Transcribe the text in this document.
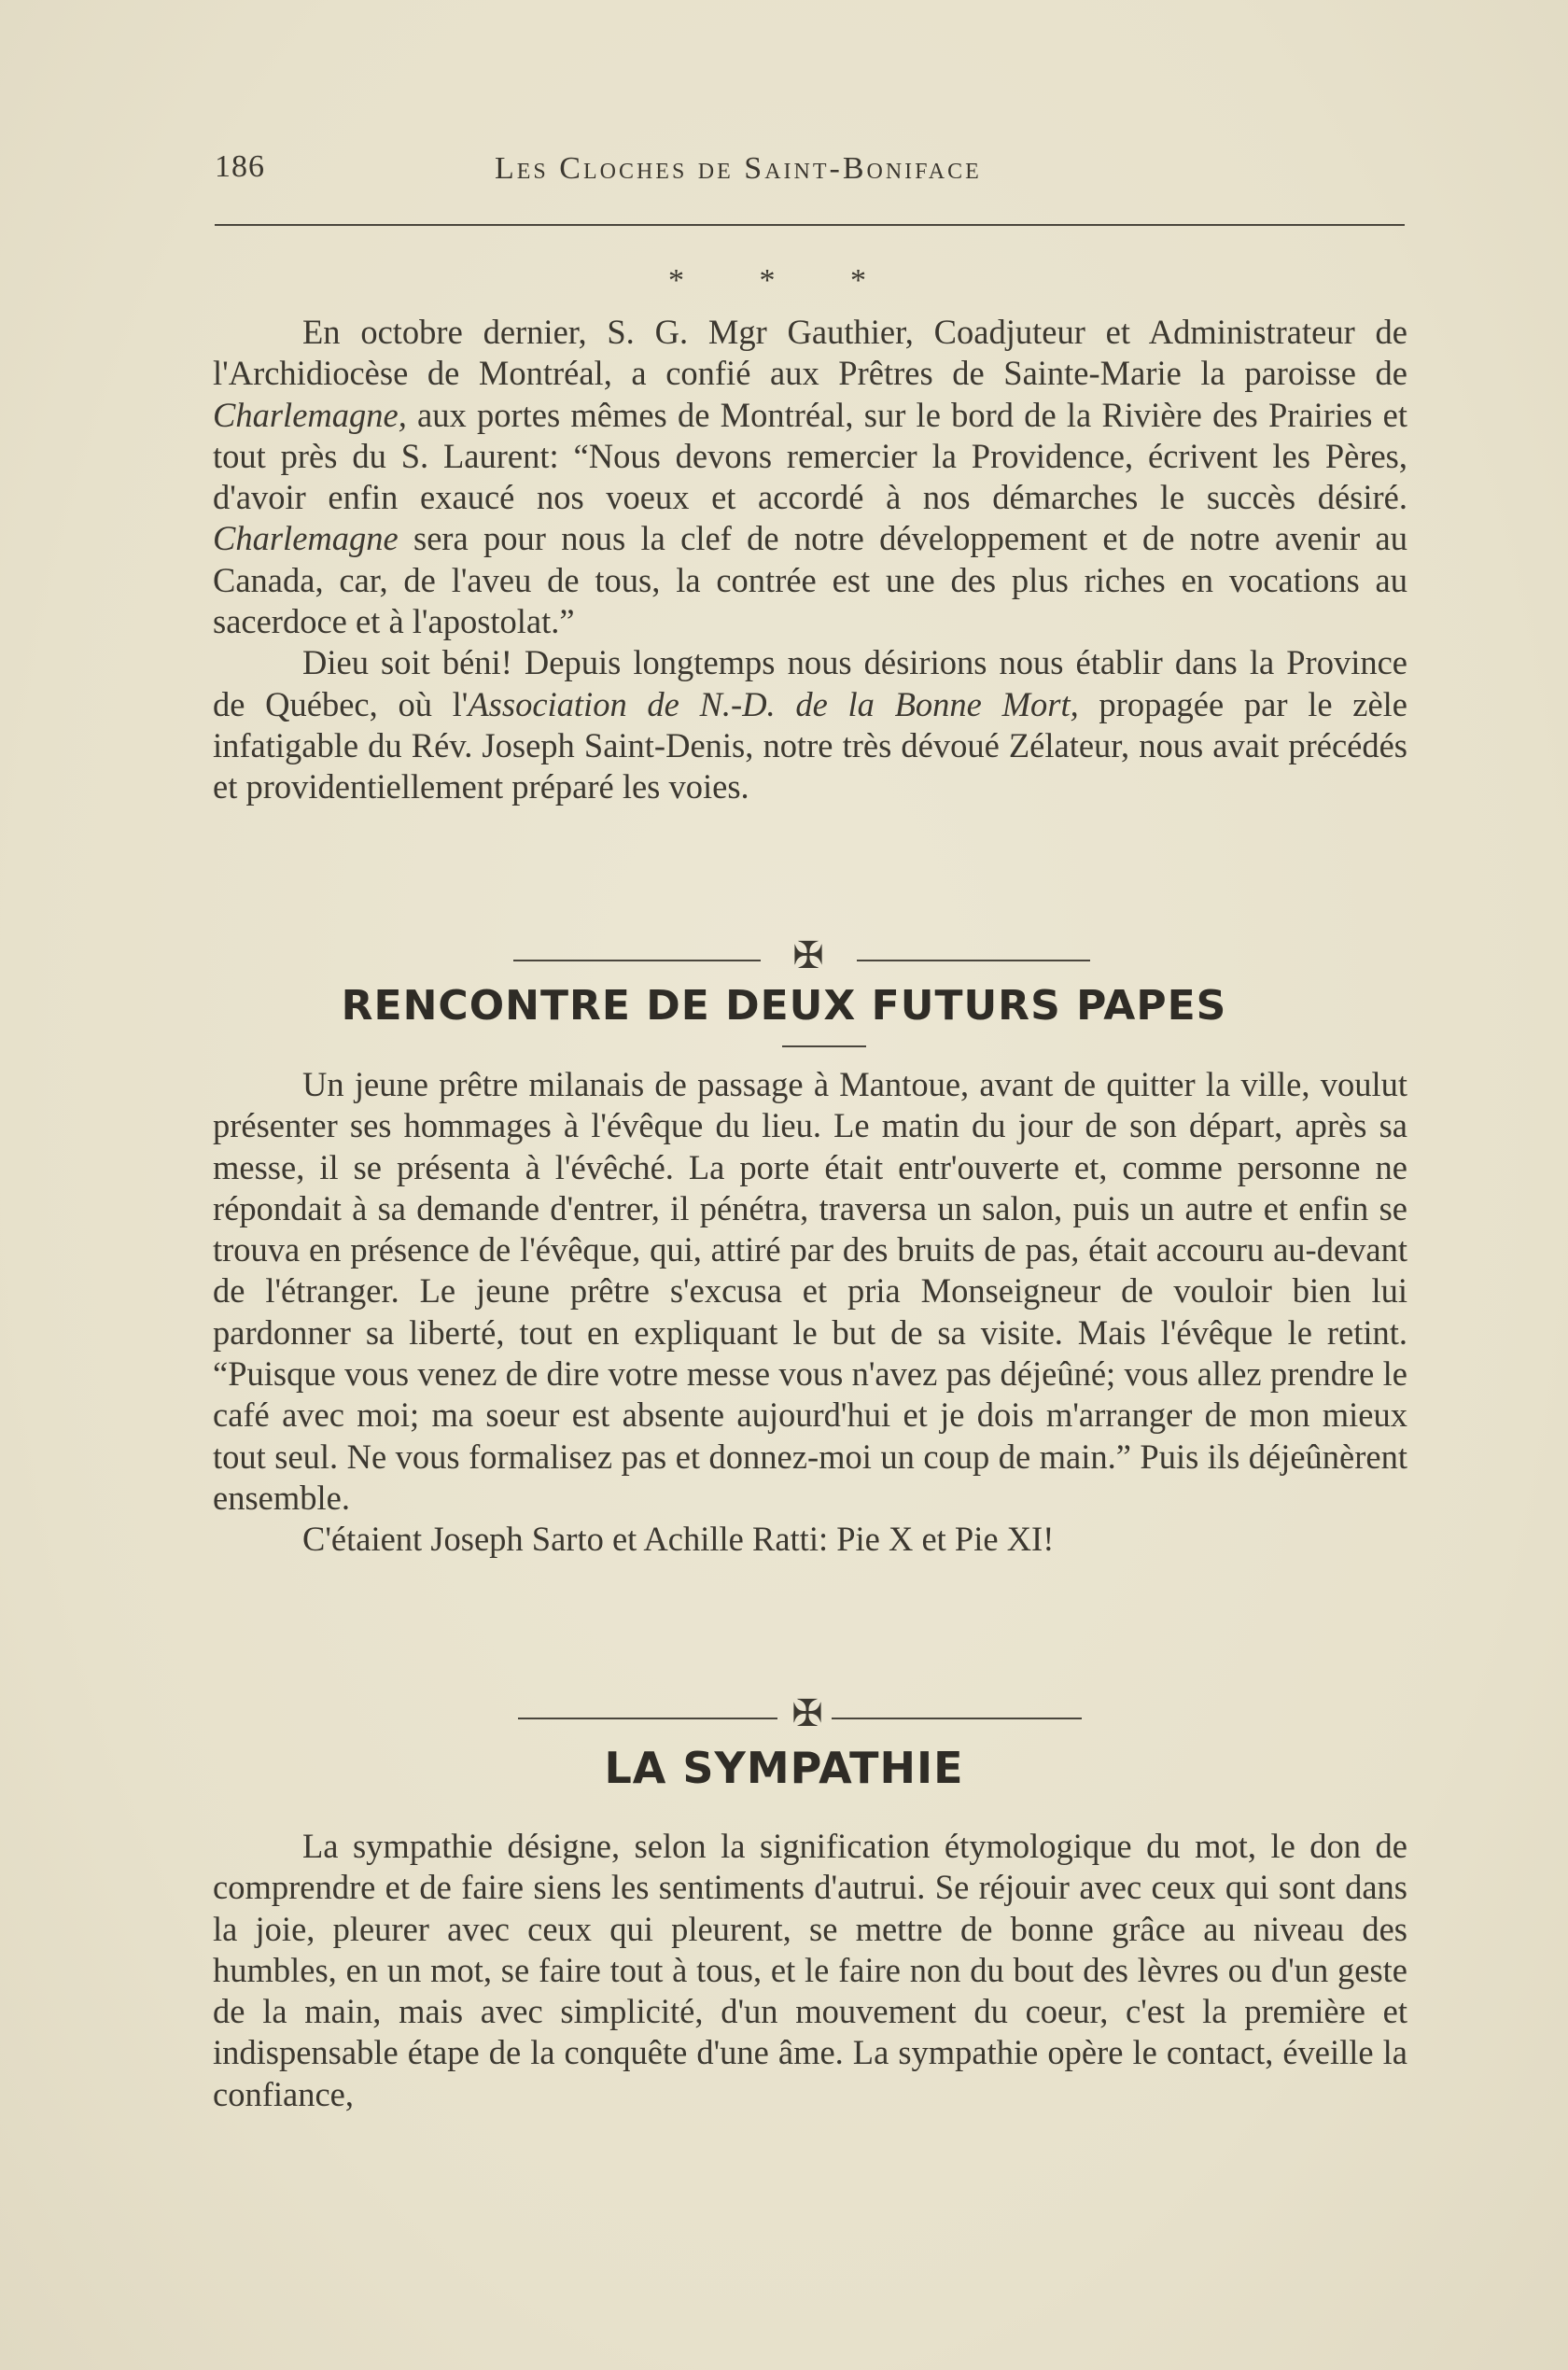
186	Les Cloches de Saint-Boniface
* * *

En octobre dernier, S. G. Mgr Gauthier, Coadjuteur et Administrateur de l'Archidiocèse de Montréal, a confié aux Prêtres de Sainte-Marie la paroisse de Charlemagne, aux portes mêmes de Montréal, sur le bord de la Rivière des Prairies et tout près du S. Laurent: “Nous devons remercier la Providence, écrivent les Pères, d'avoir enfin exaucé nos voeux et accordé à nos démarches le succès désiré. Charlemagne sera pour nous la clef de notre développement et de notre avenir au Canada, car, de l'aveu de tous, la contrée est une des plus riches en vocations au sacerdoce et à l'apostolat.”

Dieu soit béni! Depuis longtemps nous désirions nous établir dans la Province de Québec, où l'Association de N.-D. de la Bonne Mort, propagée par le zèle infatigable du Rév. Joseph Saint-Denis, notre très dévoué Zélateur, nous avait précédés et providentiellement préparé les voies.

✠
RENCONTRE DE DEUX FUTURS PAPES

Un jeune prêtre milanais de passage à Mantoue, avant de quitter la ville, voulut présenter ses hommages à l'évêque du lieu. Le matin du jour de son départ, après sa messe, il se présenta à l'évêché. La porte était entr'ouverte et, comme personne ne répondait à sa demande d'entrer, il pénétra, traversa un salon, puis un autre et enfin se trouva en présence de l'évêque, qui, attiré par des bruits de pas, était accouru au-devant de l'étranger. Le jeune prêtre s'excusa et pria Monseigneur de vouloir bien lui pardonner sa liberté, tout en expliquant le but de sa visite. Mais l'évêque le retint. “Puisque vous venez de dire votre messe vous n'avez pas déjeûné; vous allez prendre le café avec moi; ma soeur est absente aujourd'hui et je dois m'arranger de mon mieux tout seul. Ne vous formalisez pas et donnez-moi un coup de main.” Puis ils déjeûnèrent ensemble.

C'étaient Joseph Sarto et Achille Ratti: Pie X et Pie XI!

✠
LA SYMPATHIE

La sympathie désigne, selon la signification étymologique du mot, le don de comprendre et de faire siens les sentiments d'autrui. Se réjouir avec ceux qui sont dans la joie, pleurer avec ceux qui pleurent, se mettre de bonne grâce au niveau des humbles, en un mot, se faire tout à tous, et le faire non du bout des lèvres ou d'un geste de la main, mais avec simplicité, d'un mouvement du coeur, c'est la première et indispensable étape de la conquête d'une âme. La sympathie opère le contact, éveille la confiance,
